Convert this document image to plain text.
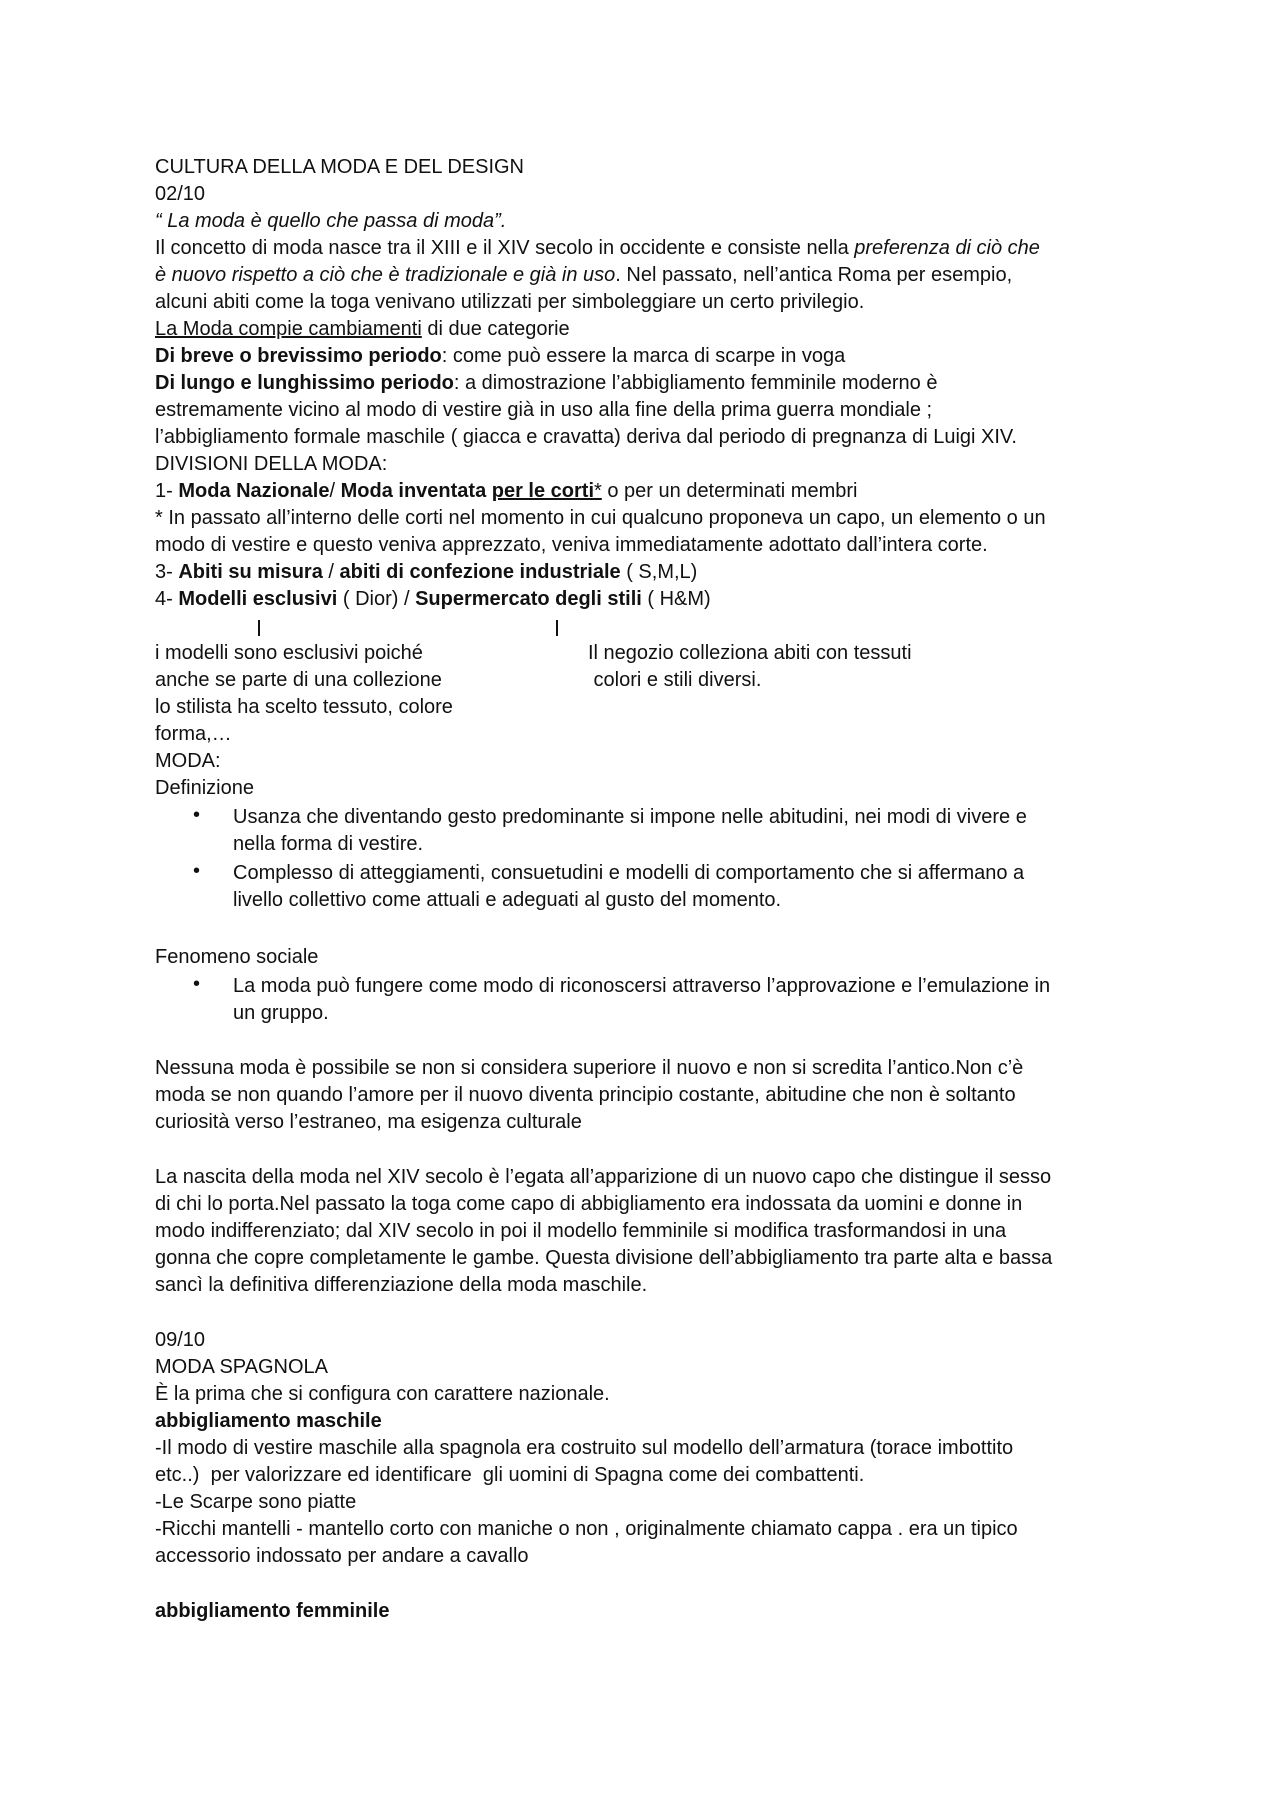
CULTURA DELLA MODA E DEL DESIGN

02/10

“ La moda è quello che passa di moda”.

Il concetto di moda nasce tra il XIII e il XIV secolo in occidente e consiste nella preferenza di ciò che

è nuovo rispetto a ciò che è tradizionale e già in uso. Nel passato, nell’antica Roma per esempio,

alcuni abiti come la toga venivano utilizzati per simboleggiare un certo privilegio.

La Moda compie cambiamenti di due categorie

Di breve o brevissimo periodo: come può essere la marca di scarpe in voga

Di lungo e lunghissimo periodo: a dimostrazione l’abbigliamento femminile moderno è

estremamente vicino al modo di vestire già in uso alla fine della prima guerra mondiale ;

l’abbigliamento formale maschile ( giacca e cravatta) deriva dal periodo di pregnanza di Luigi XIV.

DIVISIONI DELLA MODA:

1- Moda Nazionale/ Moda inventata per le corti* o per un determinati membri

* In passato all’interno delle corti nel momento in cui qualcuno proponeva un capo, un elemento o un

modo di vestire e questo veniva apprezzato, veniva immediatamente adottato dall’intera corte.

3- Abiti su misura / abiti di confezione industriale ( S,M,L)

4- Modelli esclusivi ( Dior) / Supermercato degli stili ( H&M)

i modelli sono esclusivi poiché

anche se parte di una collezione

lo stilista ha scelto tessuto, colore

forma,…

Il negozio colleziona abiti con tessuti

colori e stili diversi.

MODA:

Definizione

• Usanza che diventando gesto predominante si impone nelle abitudini, nei modi di vivere e

nella forma di vestire.

• Complesso di atteggiamenti, consuetudini e modelli di comportamento che si affermano a

livello collettivo come attuali e adeguati al gusto del momento.

Fenomeno sociale

• La moda può fungere come modo di riconoscersi attraverso l’approvazione e l’emulazione in

un gruppo.

Nessuna moda è possibile se non si considera superiore il nuovo e non si scredita l’antico.Non c’è

moda se non quando l’amore per il nuovo diventa principio costante, abitudine che non è soltanto

curiosità verso l’estraneo, ma esigenza culturale

La nascita della moda nel XIV secolo è l’egata all’apparizione di un nuovo capo che distingue il sesso

di chi lo porta.Nel passato la toga come capo di abbigliamento era indossata da uomini e donne in

modo indifferenziato; dal XIV secolo in poi il modello femminile si modifica trasformandosi in una

gonna che copre completamente le gambe. Questa divisione dell’abbigliamento tra parte alta e bassa

sancì la definitiva differenziazione della moda maschile.

09/10

MODA SPAGNOLA

È la prima che si configura con carattere nazionale.

abbigliamento maschile

-Il modo di vestire maschile alla spagnola era costruito sul modello dell’armatura (torace imbottito

etc..)  per valorizzare ed identificare  gli uomini di Spagna come dei combattenti.

-Le Scarpe sono piatte

-Ricchi mantelli - mantello corto con maniche o non , originalmente chiamato cappa . era un tipico

accessorio indossato per andare a cavallo

abbigliamento femminile
